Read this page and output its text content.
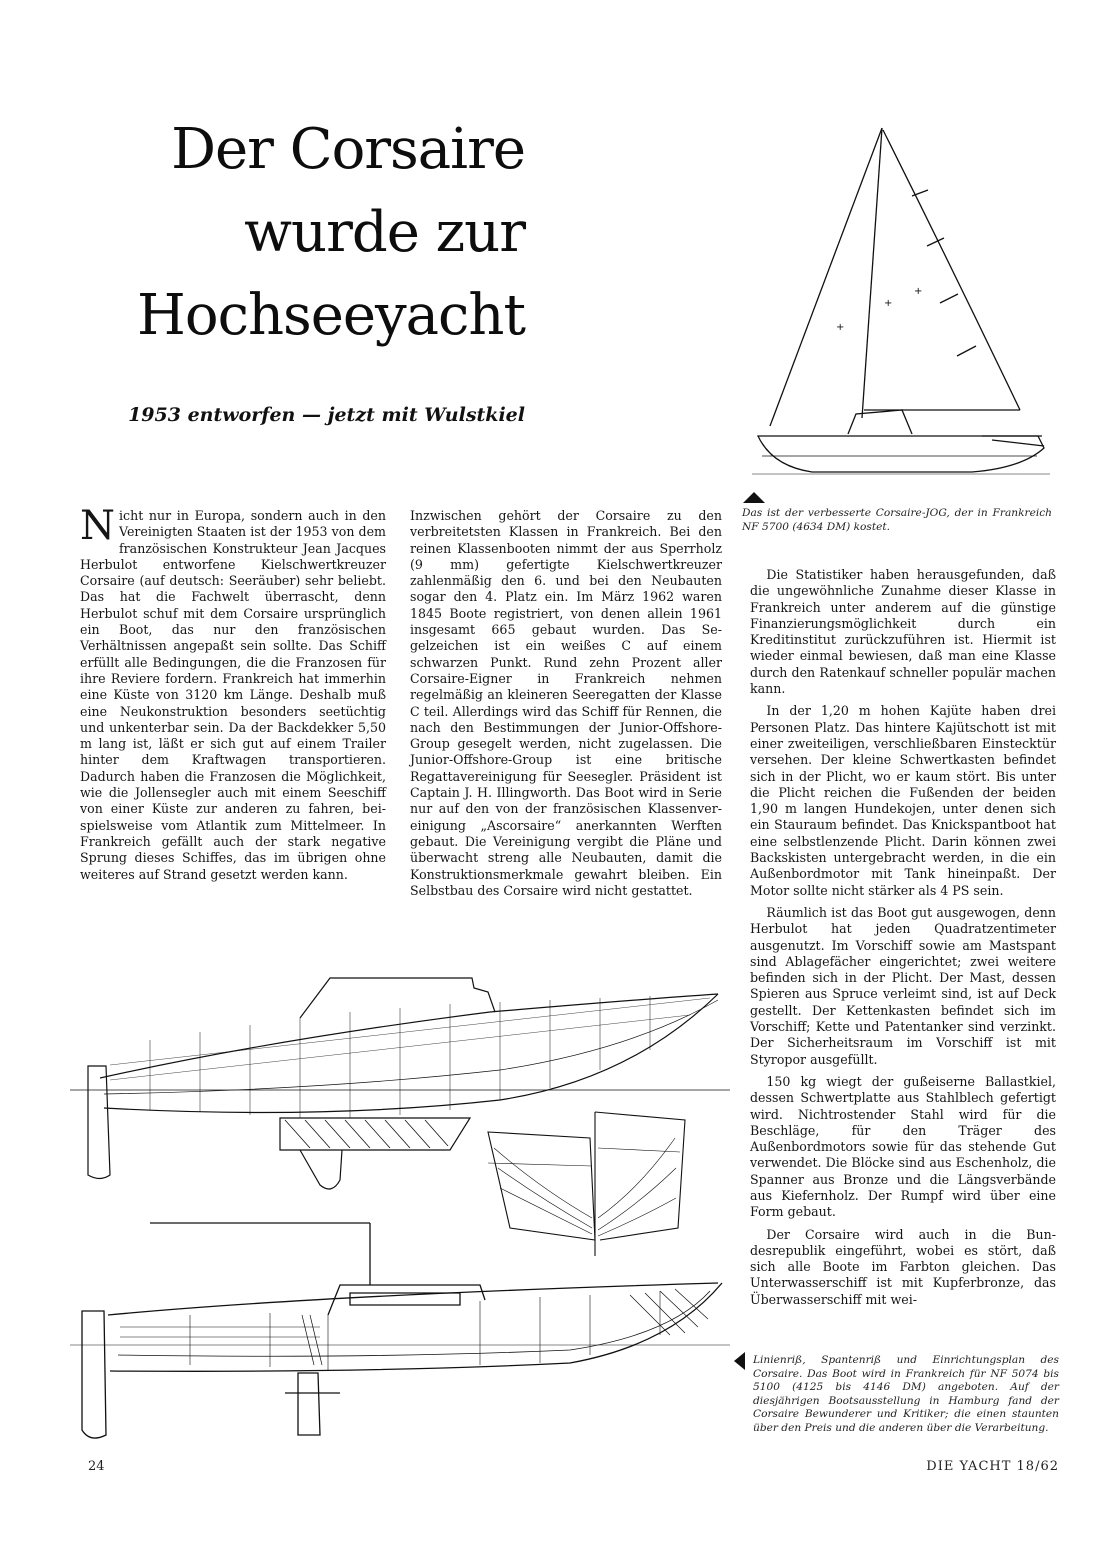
Der Corsaire
wurde zur
Hochseeyacht
1953 entworfen — jetzt mit Wulstkiel
+
+
+
Das ist der verbesserte Corsaire-JOG, der in Frankreich NF 5700 (4634 DM) kostet.
N icht nur in Europa, sondern auch in den Vereinigten Staaten ist der 1953 von dem französischen Konstrukteur Jean Jacques Herbulot entworfene Kielschwertkreuzer Corsaire (auf deutsch: Seeräuber) sehr beliebt. Das hat die Fachwelt überrascht, denn Herbulot schuf mit dem Corsaire ursprünglich ein Boot, das nur den französischen Verhältnissen angepaßt sein sollte. Das Schiff erfüllt alle Bedingungen, die die Franzosen für ihre Reviere fordern. Frankreich hat immerhin eine Küste von 3120 km Länge. Deshalb muß eine Neukonstruktion besonders seetüchtig und unkenterbar sein. Da der Backdekker 5,50 m lang ist, läßt er sich gut auf einem Trailer hinter dem Kraftwagen transportieren. Dadurch haben die Franzosen die Möglichkeit, wie die Jollensegler auch mit einem Seeschiff von einer Küste zur anderen zu fahren, beispielsweise vom Atlantik zum Mittelmeer. In Frankreich gefällt auch der stark negative Sprung dieses Schiffes, das im übrigen ohne weiteres auf Strand gesetzt werden kann.

Inzwischen gehört der Corsaire zu den verbreitetsten Klassen in Frankreich. Bei den reinen Klassenbooten nimmt der aus Sperrholz (9 mm) gefertigte Kielschwertkreuzer zahlenmäßig den 6. und bei den Neubauten sogar den 4. Platz ein. Im März 1962 waren 1845 Boote registriert, von denen allein 1961 insgesamt 665 gebaut wurden. Das Segelzeichen ist ein weißes C auf einem schwarzen Punkt. Rund zehn Prozent aller Corsaire-Eigner in Frankreich nehmen regelmäßig an kleineren Seeregatten der Klasse C teil. Allerdings wird das Schiff für Rennen, die nach den Bestimmungen der Junior-Offshore-Group gesegelt werden, nicht zugelassen. Die Junior-Offshore-Group ist eine britische Regattavereinigung für Seesegler. Präsident ist Captain J. H. Illingworth. Das Boot wird in Serie nur auf den von der französischen Klassenvereinigung „Ascorsaire“ anerkannten Werften gebaut. Die Vereinigung vergibt die Pläne und überwacht streng alle Neubauten, damit die Konstruktionsmerkmale gewahrt bleiben. Ein Selbstbau des Corsaire wird nicht gestattet.

Die Statistiker haben herausgefunden, daß die ungewöhnliche Zunahme dieser Klasse in Frankreich unter anderem auf die günstige Finanzierungsmöglichkeit durch ein Kreditinstitut zurückzuführen ist. Hiermit ist wieder einmal bewiesen, daß man eine Klasse durch den Ratenkauf schneller populär machen kann.

In der 1,20 m hohen Kajüte haben drei Personen Platz. Das hintere Kajütschott ist mit einer zweiteiligen, verschließbaren Einstecktür versehen. Der kleine Schwertkasten befindet sich in der Plicht, wo er kaum stört. Bis unter die Plicht reichen die Fußenden der beiden 1,90 m langen Hundekojen, unter denen sich ein Stauraum befindet. Das Knickspantboot hat eine selbstlenzende Plicht. Darin können zwei Backskisten untergebracht werden, in die ein Außenbordmotor mit Tank hineinpaßt. Der Motor sollte nicht stärker als 4 PS sein.

Räumlich ist das Boot gut ausgewogen, denn Herbulot hat jeden Quadratzentimeter ausgenutzt. Im Vorschiff sowie am Mastspant sind Ablagefächer eingerichtet; zwei weitere befinden sich in der Plicht. Der Mast, dessen Spieren aus Spruce verleimt sind, ist auf Deck gestellt. Der Kettenkasten befindet sich im Vorschiff; Kette und Patentanker sind verzinkt. Der Sicherheitsraum im Vorschiff ist mit Styropor ausgefüllt.

150 kg wiegt der gußeiserne Ballastkiel, dessen Schwertplatte aus Stahlblech gefertigt wird. Nichtrostender Stahl wird für die Beschläge, für den Träger des Außenbordmotors sowie für das stehende Gut verwendet. Die Blöcke sind aus Eschenholz, die Spanner aus Bronze und die Längsverbände aus Kiefernholz. Der Rumpf wird über eine Form gebaut.

Der Corsaire wird auch in die Bundesrepublik eingeführt, wobei es stört, daß sich alle Boote im Farbton gleichen. Das Unterwasserschiff ist mit Kupferbronze, das Überwasserschiff mit wei-

Linienriß, Spantenriß und Einrichtungsplan des Corsaire. Das Boot wird in Frankreich für NF 5074 bis 5100 (4125 bis 4146 DM) angeboten. Auf der diesjährigen Bootsausstellung in Hamburg fand der Corsaire Bewunderer und Kritiker; die einen staunten über den Preis und die anderen über die Verarbeitung.
24	DIE YACHT 18/62
